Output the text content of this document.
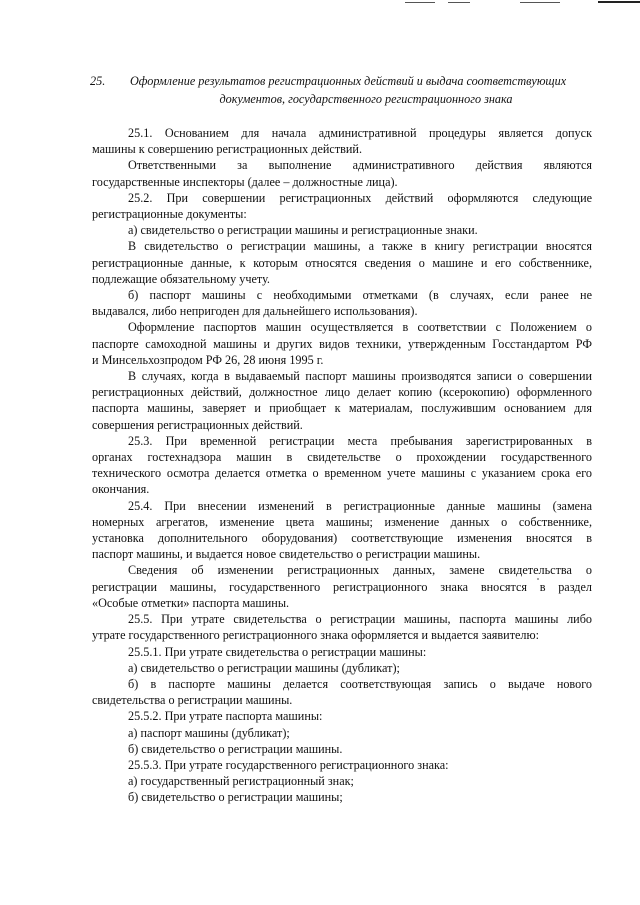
25.	Оформление результатов регистрационных действий и выдача соответствующих
документов, государственного регистрационного знака
25.1. Основанием для начала административной процедуры является допуск
машины к совершению регистрационных действий.
Ответственными за выполнение административного действия являются
государственные инспекторы (далее – должностные лица).
25.2. При совершении регистрационных действий оформляются следующие
регистрационные документы:
а) свидетельство о регистрации машины и регистрационные знаки.
В свидетельство о регистрации машины, а также в книгу регистрации вносятся
регистрационные данные, к которым относятся сведения о машине и его собственнике,
подлежащие обязательному учету.
б) паспорт машины с необходимыми отметками (в случаях, если ранее не
выдавался, либо непригоден для дальнейшего использования).
Оформление паспортов машин осуществляется в соответствии с Положением о
паспорте самоходной машины и других видов техники, утвержденным Госстандартом РФ
и Минсельхозпродом РФ 26, 28 июня 1995 г.
В случаях, когда в выдаваемый паспорт машины производятся записи о совершении
регистрационных действий, должностное лицо делает копию (ксерокопию) оформленного
паспорта машины, заверяет и приобщает к материалам, послужившим основанием для
совершения регистрационных действий.
25.3. При временной регистрации места пребывания зарегистрированных в
органах гостехнадзора машин в свидетельстве о прохождении государственного
технического осмотра делается отметка о временном учете машины с указанием срока его
окончания.
25.4. При внесении изменений в регистрационные данные машины (замена
номерных агрегатов, изменение цвета машины; изменение данных о собственнике,
установка дополнительного оборудования) соответствующие изменения вносятся в
паспорт машины, и выдается новое свидетельство о регистрации машины.
Сведения об изменении регистрационных данных, замене свидетельства о
регистрации машины, государственного регистрационного знака вносятся в раздел
«Особые отметки» паспорта машины.
25.5. При утрате свидетельства о регистрации машины, паспорта машины либо
утрате государственного регистрационного знака оформляется и выдается заявителю:
25.5.1. При утрате свидетельства о регистрации машины:
а) свидетельство о регистрации машины (дубликат);
б) в паспорте машины делается соответствующая запись о выдаче нового
свидетельства о регистрации машины.
25.5.2. При утрате паспорта машины:
а) паспорт машины (дубликат);
б) свидетельство о регистрации машины.
25.5.3. При утрате государственного регистрационного знака:
а) государственный регистрационный знак;
б) свидетельство о регистрации машины;
